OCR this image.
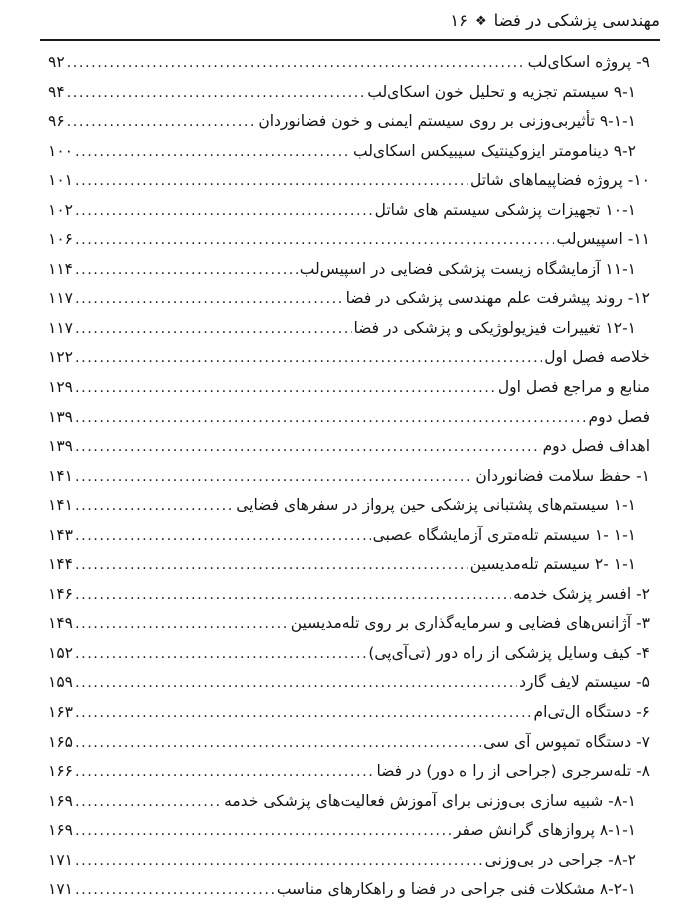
۱۶ ❖ مهندسی پزشکی در فضا
۹- پروژه اسکای‌لب
.....
۹۲
۹-۱ سیستم تجزیه و تحلیل خون اسکای‌لب
.....
۹۴
۹-۱-۱ تأثیربی‌وزنی بر روی سیستم ایمنی و خون فضانوردان
.....
۹۶
۹-۲ دینامومتر ایزوکینتیک سیبیکس اسکای‌لب
.....
۱۰۰
۱۰- پروژه فضاپیماهای شاتل
.....
۱۰۱
۱۰-۱ تجهیزات پزشکی سیستم های شاتل
.....
۱۰۲
۱۱- اسپیس‌لب
.....
۱۰۶
۱۱-۱ آزمایشگاه زیست پزشکی فضایی در اسپیس‌لب
.....
۱۱۴
۱۲- روند پیشرفت علم مهندسی پزشکی در فضا
.....
۱۱۷
۱۲-۱ تغییرات فیزیولوژیکی و پزشکی در فضا
.....
۱۱۷
خلاصه فصل اول
.....
۱۲۲
منابع و مراجع فصل اول
.....
۱۲۹
فصل دوم
.....
۱۳۹
اهداف فصل دوم
.....
۱۳۹
۱- حفظ سلامت فضانوردان
.....
۱۴۱
۱-۱ سیستم‌های پشتبانی پزشکی حین پرواز در سفرهای فضایی
.....
۱۴۱
۱-۱ -۱ سیستم تله‌متری آزمایشگاه عصبی
.....
۱۴۳
۱-۱ -۲ سیستم تله‌مدیسین
.....
۱۴۴
۲- افسر پزشک خدمه
.....
۱۴۶
۳- آژانس‌های فضایی و سرمایه‌گذاری بر روی تله‌مدیسین
.....
۱۴۹
۴- کیف وسایل پزشکی از راه دور (تی‌آی‌پی)
.....
۱۵۲
۵- سیستم لایف گارد
.....
۱۵۹
۶- دستگاه ال‌تی‌ام
.....
۱۶۳
۷- دستگاه تمپوس آی سی
.....
۱۶۵
۸- تله‌سرجری (جراحی از را ه دور) در فضا
.....
۱۶۶
۸-۱- شبیه سازی بی‌وزنی برای آموزش فعالیت‌های پزشکی خدمه
.....
۱۶۹
۸-۱-۱ پروازهای گرانش صفر
.....
۱۶۹
۸-۲- جراحی در بی‌وزنی
.....
۱۷۱
۸-۲-۱ مشکلات فنی جراحی در فضا و راهکارهای مناسب
.....
۱۷۱
